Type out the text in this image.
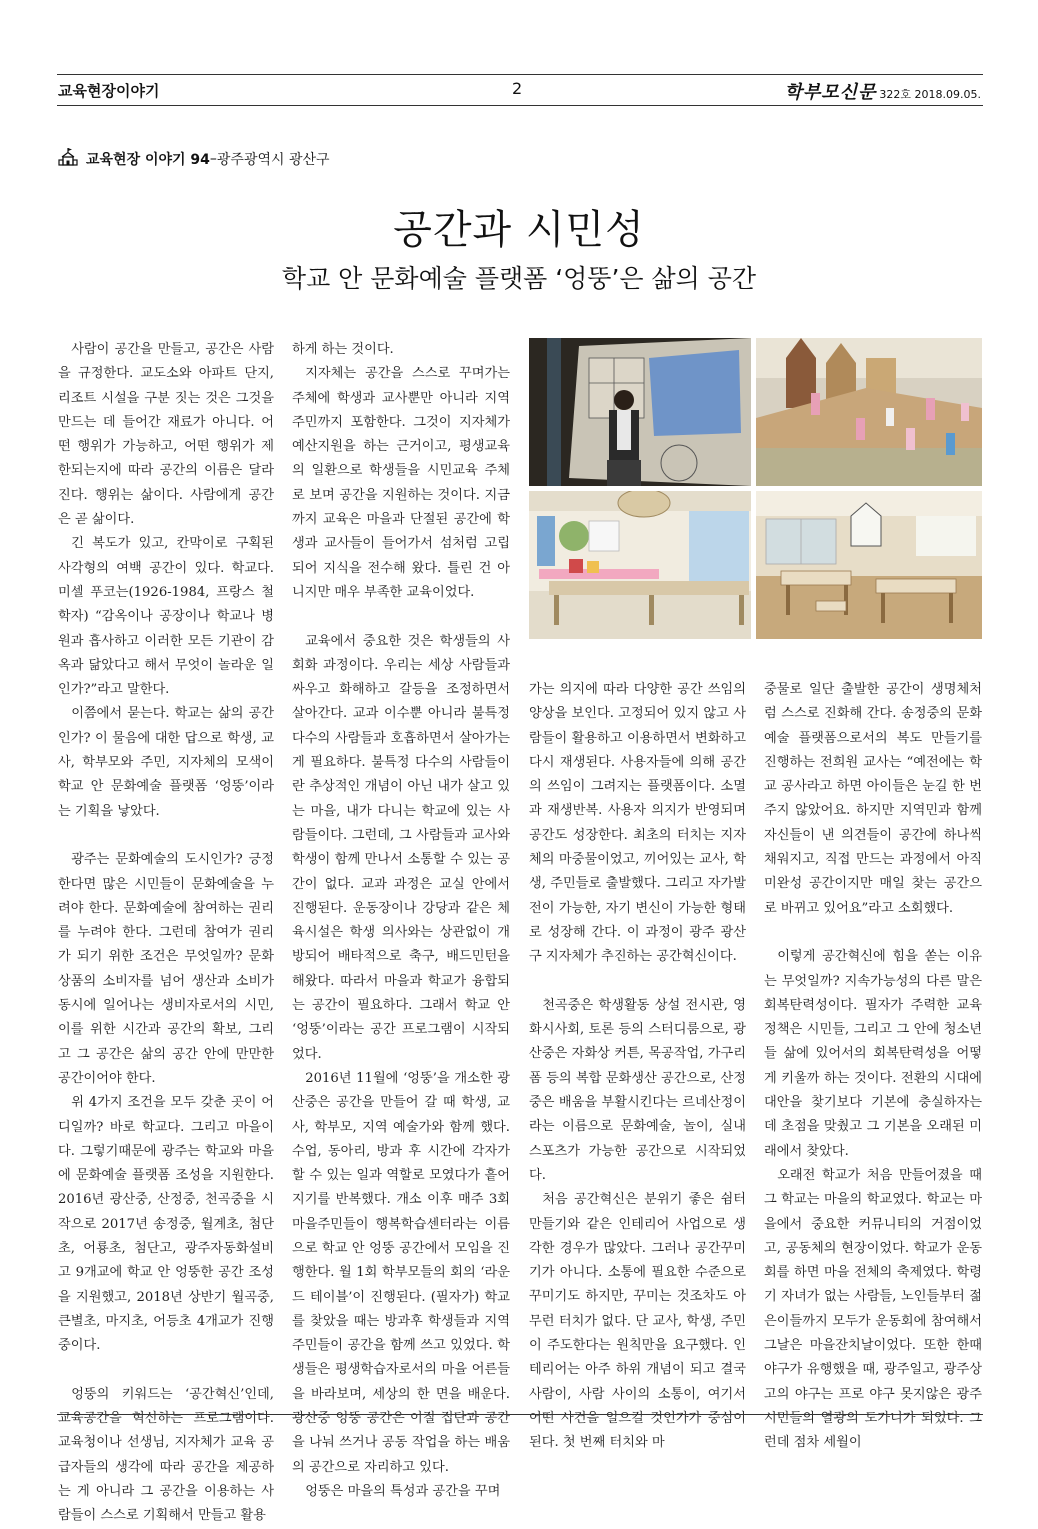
교육현장이야기	2	학부모신문 322호 2018.09.05.
교육현장 이야기 94 – 광주광역시 광산구
공간과 시민성
학교 안 문화예술 플랫폼 ‘엉뚱’은 삶의 공간

사람이 공간을 만들고, 공간은 사람을 규정한다. 교도소와 아파트 단지, 리조트 시설을 구분 짓는 것은 그것을 만드는 데 들어간 재료가 아니다. 어떤 행위가 가능하고, 어떤 행위가 제한되는지에 따라 공간의 이름은 달라진다. 행위는 삶이다. 사람에게 공간은 곧 삶이다.

긴 복도가 있고, 칸막이로 구획된 사각형의 여백 공간이 있다. 학교다. 미셀 푸코는(1926-1984, 프랑스 철학자) “감옥이나 공장이나 학교나 병원과 흡사하고 이러한 모든 기관이 감옥과 닮았다고 해서 무엇이 놀라운 일인가?”라고 말한다.

이쯤에서 묻는다. 학교는 삶의 공간인가? 이 물음에 대한 답으로 학생, 교사, 학부모와 주민, 지자체의 모색이 학교 안 문화예술 플랫폼 ‘엉뚱’이라는 기획을 낳았다.

광주는 문화예술의 도시인가? 긍정한다면 많은 시민들이 문화예술을 누려야 한다. 문화예술에 참여하는 권리를 누려야 한다. 그런데 참여가 권리가 되기 위한 조건은 무엇일까? 문화상품의 소비자를 넘어 생산과 소비가 동시에 일어나는 생비자로서의 시민, 이를 위한 시간과 공간의 확보, 그리고 그 공간은 삶의 공간 안에 만만한 공간이어야 한다.

위 4가지 조건을 모두 갖춘 곳이 어디일까? 바로 학교다. 그리고 마을이다. 그렇기때문에 광주는 학교와 마을에 문화예술 플랫폼 조성을 지원한다. 2016년 광산중, 산정중, 천곡중을 시작으로 2017년 송정중, 월계초, 첨단초, 어룡초, 첨단고, 광주자동화설비고 9개교에 학교 안 엉뚱한 공간 조성을 지원했고, 2018년 상반기 월곡중, 큰별초, 마지초, 어등초 4개교가 진행 중이다.

엉뚱의 키워드는 ‘공간혁신’인데, 교육공간을 혁신하는 프로그램이다. 교육청이나 선생님, 지자체가 교육 공급자들의 생각에 따라 공간을 제공하는 게 아니라 그 공간을 이용하는 사람들이 스스로 기획해서 만들고 활용

하게 하는 것이다.

지자체는 공간을 스스로 꾸며가는 주체에 학생과 교사뿐만 아니라 지역 주민까지 포함한다. 그것이 지자체가 예산지원을 하는 근거이고, 평생교육의 일환으로 학생들을 시민교육 주체로 보며 공간을 지원하는 것이다. 지금까지 교육은 마을과 단절된 공간에 학생과 교사들이 들어가서 섬처럼 고립되어 지식을 전수해 왔다. 틀린 건 아니지만 매우 부족한 교육이었다.

교육에서 중요한 것은 학생들의 사회화 과정이다. 우리는 세상 사람들과 싸우고 화해하고 갈등을 조정하면서 살아간다. 교과 이수뿐 아니라 불특정 다수의 사람들과 호흡하면서 살아가는 게 필요하다. 불특정 다수의 사람들이란 추상적인 개념이 아닌 내가 살고 있는 마을, 내가 다니는 학교에 있는 사람들이다. 그런데, 그 사람들과 교사와 학생이 함께 만나서 소통할 수 있는 공간이 없다. 교과 과정은 교실 안에서 진행된다. 운동장이나 강당과 같은 체육시설은 학생 의사와는 상관없이 개방되어 배타적으로 축구, 배드민턴을 해왔다. 따라서 마을과 학교가 융합되는 공간이 필요하다. 그래서 학교 안 ‘엉뚱’이라는 공간 프로그램이 시작되었다.

2016년 11월에 ‘엉뚱’을 개소한 광산중은 공간을 만들어 갈 때 학생, 교사, 학부모, 지역 예술가와 함께 했다. 수업, 동아리, 방과 후 시간에 각자가 할 수 있는 일과 역할로 모였다가 흩어지기를 반복했다. 개소 이후 매주 3회 마을주민들이 행복학습센터라는 이름으로 학교 안 엉뚱 공간에서 모임을 진행한다. 월 1회 학부모들의 회의 ‘라운드 테이블’이 진행된다. (필자가) 학교를 찾았을 때는 방과후 학생들과 지역 주민들이 공간을 함께 쓰고 있었다. 학생들은 평생학습자로서의 마을 어른들을 바라보며, 세상의 한 면을 배운다. 광산중 엉뚱 공간은 이질 집단과 공간을 나눠 쓰거나 공동 작업을 하는 배움의 공간으로 자리하고 있다.

엉뚱은 마을의 특성과 공간을 꾸며

가는 의지에 따라 다양한 공간 쓰임의 양상을 보인다. 고정되어 있지 않고 사람들이 활용하고 이용하면서 변화하고 다시 재생된다. 사용자들에 의해 공간의 쓰임이 그려지는 플랫폼이다. 소멸과 재생반복. 사용자 의지가 반영되며 공간도 성장한다. 최초의 터치는 지자체의 마중물이었고, 끼어있는 교사, 학생, 주민들로 출발했다. 그리고 자가발전이 가능한, 자기 변신이 가능한 형태로 성장해 간다. 이 과정이 광주 광산구 지자체가 추진하는 공간혁신이다.

천곡중은 학생활동 상설 전시관, 영화시사회, 토론 등의 스터디룸으로, 광산중은 자화상 커튼, 목공작업, 가구리폼 등의 복합 문화생산 공간으로, 산정중은 배움을 부활시킨다는 르네산정이라는 이름으로 문화예술, 놀이, 실내 스포츠가 가능한 공간으로 시작되었다.

처음 공간혁신은 분위기 좋은 쉼터 만들기와 같은 인테리어 사업으로 생각한 경우가 많았다. 그러나 공간꾸미기가 아니다. 소통에 필요한 수준으로 꾸미기도 하지만, 꾸미는 것조차도 아무런 터치가 없다. 단 교사, 학생, 주민이 주도한다는 원칙만을 요구했다. 인테리어는 아주 하위 개념이 되고 결국 사람이, 사람 사이의 소통이, 여기서 어떤 사건을 일으킬 것인가가 중심이 된다. 첫 번째 터치와 마

중물로 일단 출발한 공간이 생명체처럼 스스로 진화해 간다. 송정중의 문화예술 플랫폼으로서의 복도 만들기를 진행하는 전희원 교사는 “예전에는 학교 공사라고 하면 아이들은 눈길 한 번 주지 않았어요. 하지만 지역민과 함께 자신들이 낸 의견들이 공간에 하나씩 채워지고, 직접 만드는 과정에서 아직 미완성 공간이지만 매일 찾는 공간으로 바뀌고 있어요”라고 소회했다.

이렇게 공간혁신에 힘을 쏟는 이유는 무엇일까? 지속가능성의 다른 말은 회복탄력성이다. 필자가 주력한 교육정책은 시민들, 그리고 그 안에 청소년들 삶에 있어서의 회복탄력성을 어떻게 키울까 하는 것이다. 전환의 시대에 대안을 찾기보다 기본에 충실하자는 데 초점을 맞췄고 그 기본을 오래된 미래에서 찾았다.

오래전 학교가 처음 만들어졌을 때 그 학교는 마을의 학교였다. 학교는 마을에서 중요한 커뮤니티의 거점이었고, 공동체의 현장이었다. 학교가 운동회를 하면 마을 전체의 축제였다. 학령기 자녀가 없는 사람들, 노인들부터 젊은이들까지 모두가 운동회에 참여해서 그날은 마을잔치날이었다. 또한 한때 야구가 유행했을 때, 광주일고, 광주상고의 야구는 프로 야구 못지않은 광주 시민들의 열광의 도가니가 되었다. 그런데 점차 세월이
